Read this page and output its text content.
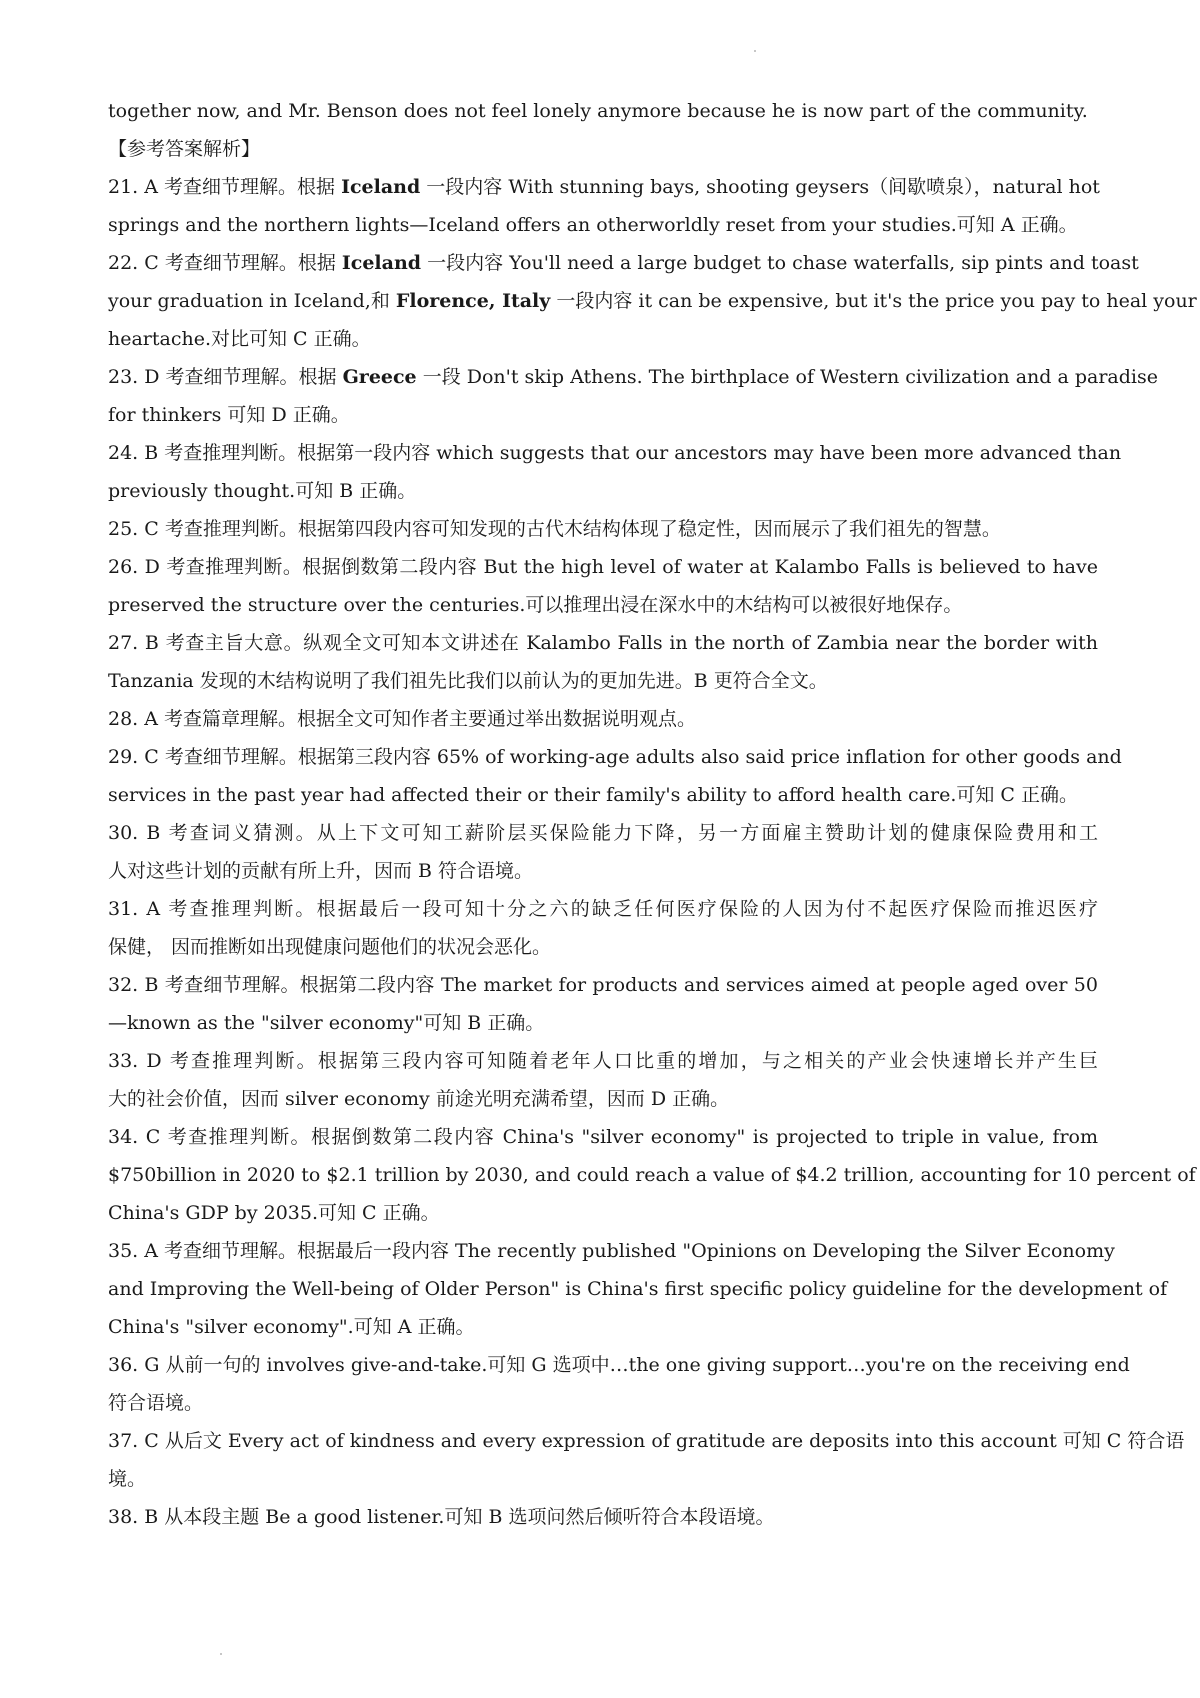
together now, and Mr. Benson does not feel lonely anymore because he is now part of the community.
【参考答案解析】
21. A 考查细节理解。根据 Iceland 一段内容 With stunning bays, shooting geysers（间歇喷泉），natural hot
springs and the northern lights—Iceland offers an otherworldly reset from your studies.可知 A 正确。
22. C 考查细节理解。根据 Iceland 一段内容 You'll need a large budget to chase waterfalls, sip pints and toast
your graduation in Iceland,和 Florence, Italy 一段内容 it can be expensive, but it's the price you pay to heal your
heartache.对比可知 C 正确。
23. D 考查细节理解。根据 Greece 一段 Don't skip Athens. The birthplace of Western civilization and a paradise
for thinkers 可知 D 正确。
24. B 考查推理判断。根据第一段内容 which suggests that our ancestors may have been more advanced than
previously thought.可知 B 正确。
25. C 考查推理判断。根据第四段内容可知发现的古代木结构体现了稳定性，因而展示了我们祖先的智慧。
26. D 考查推理判断。根据倒数第二段内容 But the high level of water at Kalambo Falls is believed to have
preserved the structure over the centuries.可以推理出浸在深水中的木结构可以被很好地保存。
27. B 考查主旨大意。纵观全文可知本文讲述在 Kalambo Falls in the north of Zambia near the border with
Tanzania 发现的木结构说明了我们祖先比我们以前认为的更加先进。B 更符合全文。
28. A 考查篇章理解。根据全文可知作者主要通过举出数据说明观点。
29. C 考查细节理解。根据第三段内容 65% of working-age adults also said price inflation for other goods and
services in the past year had affected their or their family's ability to afford health care.可知 C 正确。
30. B 考查词义猜测。从上下文可知工薪阶层买保险能力下降，另一方面雇主赞助计划的健康保险费用和工
人对这些计划的贡献有所上升，因而 B 符合语境。
31. A 考查推理判断。根据最后一段可知十分之六的缺乏任何医疗保险的人因为付不起医疗保险而推迟医疗
保健， 因而推断如出现健康问题他们的状况会恶化。
32. B 考查细节理解。根据第二段内容 The market for products and services aimed at people aged over 50
—known as the "silver economy"可知 B 正确。
33. D 考查推理判断。根据第三段内容可知随着老年人口比重的增加，与之相关的产业会快速增长并产生巨
大的社会价值，因而 silver economy 前途光明充满希望，因而 D 正确。
34. C 考查推理判断。根据倒数第二段内容 China's "silver economy" is projected to triple in value, from
$750billion in 2020 to $2.1 trillion by 2030, and could reach a value of $4.2 trillion, accounting for 10 percent of
China's GDP by 2035.可知 C 正确。
35. A 考查细节理解。根据最后一段内容 The recently published "Opinions on Developing the Silver Economy
and Improving the Well-being of Older Person" is China's first specific policy guideline for the development of
China's "silver economy".可知 A 正确。
36. G 从前一句的 involves give-and-take.可知 G 选项中…the one giving support…you're on the receiving end
符合语境。
37. C 从后文 Every act of kindness and every expression of gratitude are deposits into this account 可知 C 符合语
境。
38. B 从本段主题 Be a good listener.可知 B 选项问然后倾听符合本段语境。
